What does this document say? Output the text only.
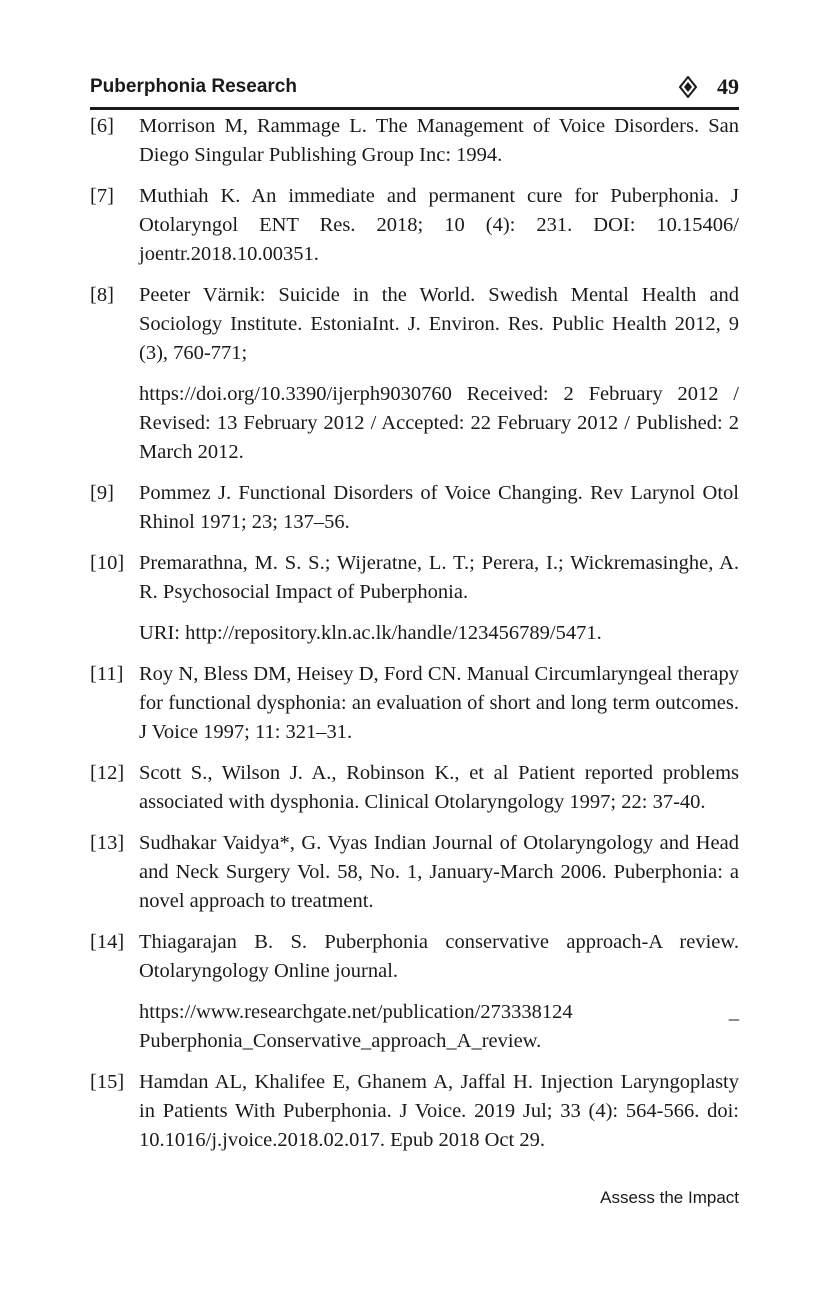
Puberphonia Research	49
[6] Morrison M, Rammage L. The Management of Voice Disorders. San Diego Singular Publishing Group Inc: 1994.

[7] Muthiah K. An immediate and permanent cure for Puberphonia. J Otolaryngol ENT Res. 2018; 10 (4): 231. DOI: 10.15406/ joentr.2018.10.00351.

[8] Peeter Värnik: Suicide in the World. Swedish Mental Health and Sociology Institute. EstoniaInt. J. Environ. Res. Public Health 2012, 9 (3), 760-771;

https://doi.org/10.3390/ijerph9030760 Received: 2 February 2012 / Revised: 13 February 2012 / Accepted: 22 February 2012 / Published: 2 March 2012.

[9] Pommez J. Functional Disorders of Voice Changing. Rev Larynol Otol Rhinol 1971; 23; 137–56.

[10] Premarathna, M. S. S.; Wijeratne, L. T.; Perera, I.; Wickremasinghe, A. R. Psychosocial Impact of Puberphonia.

URI: http://repository.kln.ac.lk/handle/123456789/5471.

[11] Roy N, Bless DM, Heisey D, Ford CN. Manual Circumlaryngeal therapy for functional dysphonia: an evaluation of short and long term outcomes. J Voice 1997; 11: 321–31.

[12] Scott S., Wilson J. A., Robinson K., et al Patient reported problems associated with dysphonia. Clinical Otolaryngology 1997; 22: 37-40.

[13] Sudhakar Vaidya*, G. Vyas Indian Journal of Otolaryngology and Head and Neck Surgery Vol. 58, No. 1, January-March 2006. Puberphonia: a novel approach to treatment.

[14] Thiagarajan B. S. Puberphonia conservative approach-A review. Otolaryngology Online journal.

https://www.researchgate.net/publication/273338124 _ Puberphonia_Conservative_approach_A_review.

[15] Hamdan AL, Khalifee E, Ghanem A, Jaffal H. Injection Laryngoplasty in Patients With Puberphonia. J Voice. 2019 Jul; 33 (4): 564-566. doi: 10.1016/j.jvoice.2018.02.017. Epub 2018 Oct 29.

Assess the Impact
